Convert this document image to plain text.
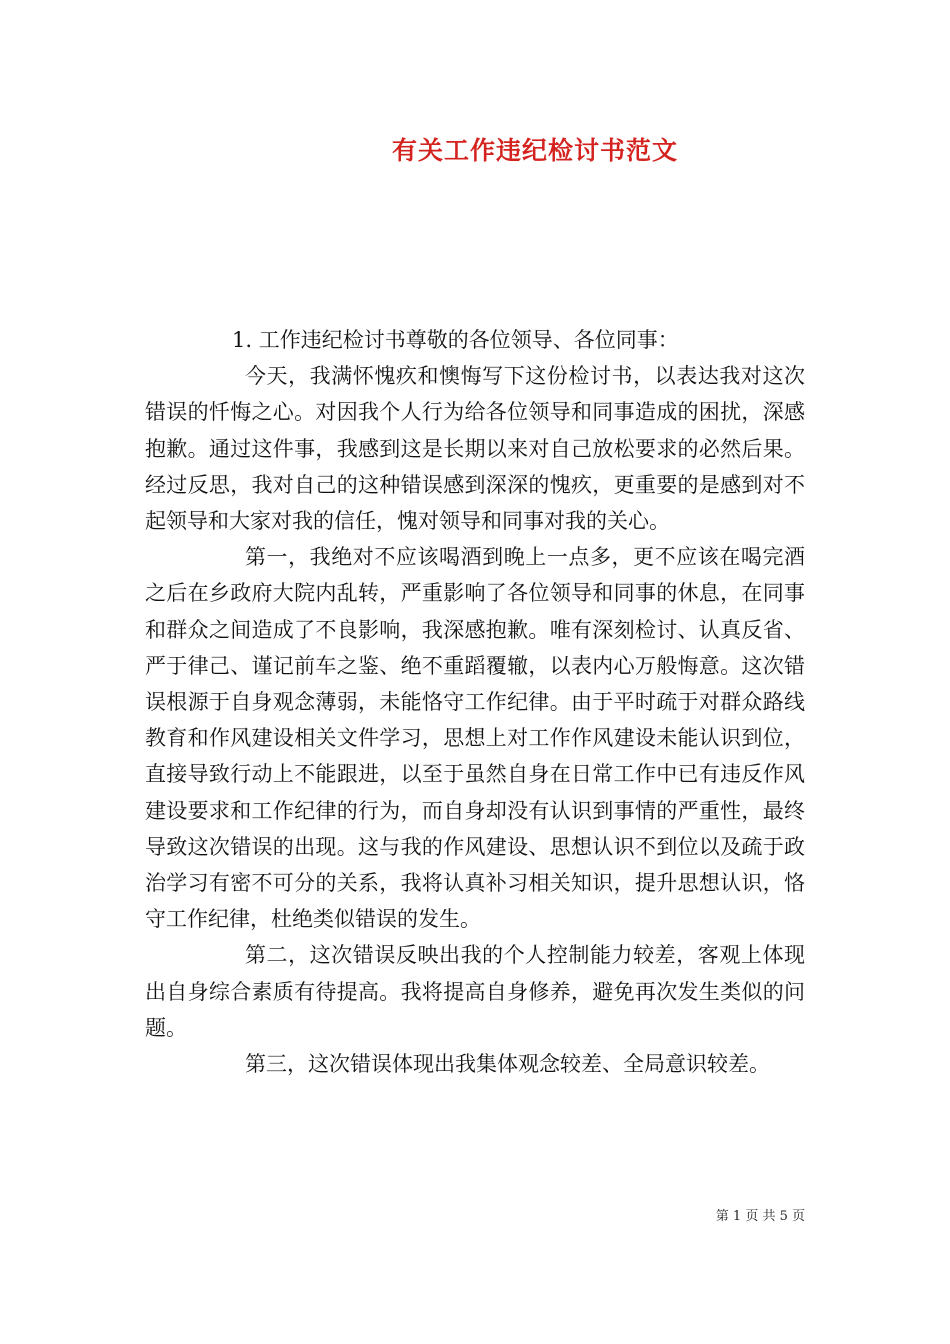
有关工作违纪检讨书范文

1. 工作违纪检讨书尊敬的各位领导、各位同事：

今天，我满怀愧疚和懊悔写下这份检讨书，以表达我对这次错误的忏悔之心。对因我个人行为给各位领导和同事造成的困扰，深感抱歉。通过这件事，我感到这是长期以来对自己放松要求的必然后果。经过反思，我对自己的这种错误感到深深的愧疚，更重要的是感到对不起领导和大家对我的信任，愧对领导和同事对我的关心。

第一，我绝对不应该喝酒到晚上一点多，更不应该在喝完酒之后在乡政府大院内乱转，严重影响了各位领导和同事的休息，在同事和群众之间造成了不良影响，我深感抱歉。唯有深刻检讨、认真反省、严于律己、谨记前车之鉴、绝不重蹈覆辙，以表内心万般悔意。这次错误根源于自身观念薄弱，未能恪守工作纪律。由于平时疏于对群众路线教育和作风建设相关文件学习，思想上对工作作风建设未能认识到位，直接导致行动上不能跟进，以至于虽然自身在日常工作中已有违反作风建设要求和工作纪律的行为，而自身却没有认识到事情的严重性，最终导致这次错误的出现。这与我的作风建设、思想认识不到位以及疏于政治学习有密不可分的关系，我将认真补习相关知识，提升思想认识，恪守工作纪律，杜绝类似错误的发生。

第二，这次错误反映出我的个人控制能力较差，客观上体现出自身综合素质有待提高。我将提高自身修养，避免再次发生类似的问题。

第三，这次错误体现出我集体观念较差、全局意识较差。

第 1 页 共 5 页
